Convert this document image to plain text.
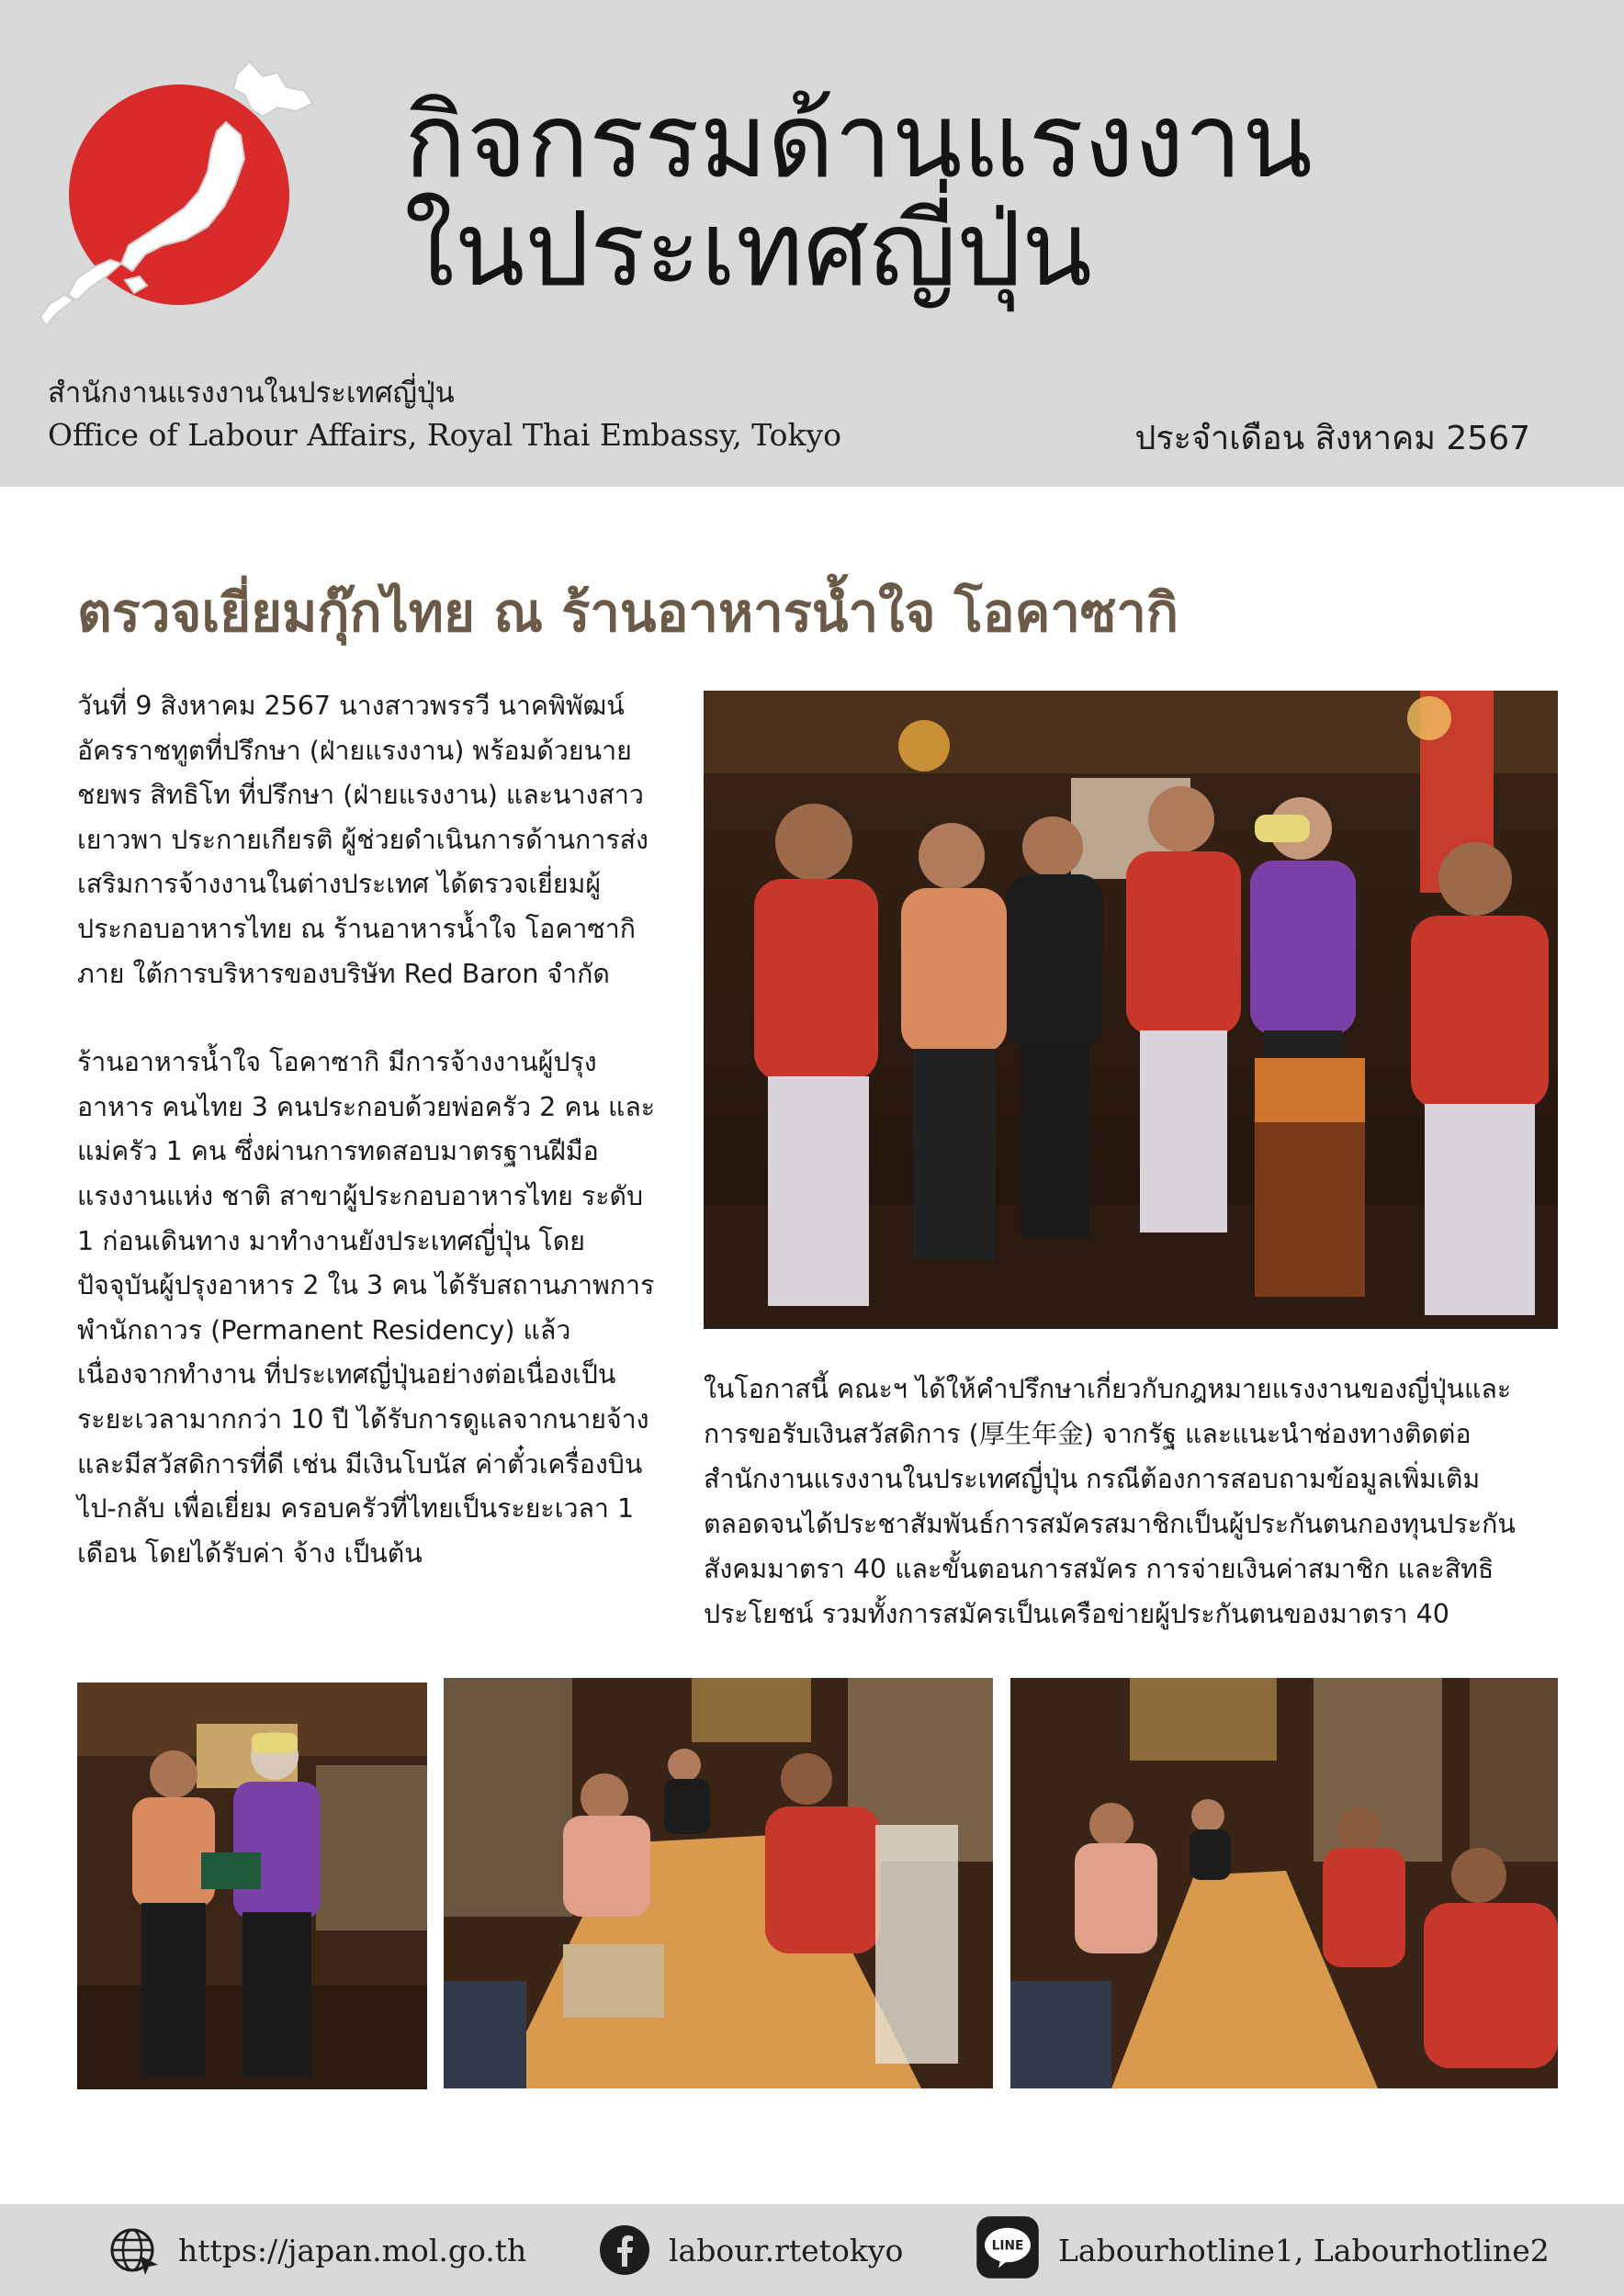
กิจกรรมด้านแรงงาน
ในประเทศญี่ปุ่น
สำนักงานแรงงานในประเทศญี่ปุ่น
Office of Labour Affairs, Royal Thai Embassy, Tokyo	ประจำเดือน สิงหาคม 2567
ตรวจเยี่ยมกุ๊กไทย ณ ร้านอาหารน้ำใจ โอคาซากิ

วันที่ 9 สิงหาคม 2567 นางสาวพรรวี นาคพิพัฒน์ อัครราชทูตที่ปรึกษา (ฝ่ายแรงงาน) พร้อมด้วยนาย ชยพร สิทธิโท ที่ปรึกษา (ฝ่ายแรงงาน) และนางสาว เยาวพา ประกายเกียรติ ผู้ช่วยดำเนินการด้านการส่ง เสริมการจ้างงานในต่างประเทศ ได้ตรวจเยี่ยมผู้ ประกอบอาหารไทย ณ ร้านอาหารน้ำใจ โอคาซากิ ภาย ใต้การบริหารของบริษัท Red Baron จำกัด

ร้านอาหารน้ำใจ โอคาซากิ มีการจ้างงานผู้ปรุงอาหาร คนไทย 3 คนประกอบด้วยพ่อครัว 2 คน และแม่ครัว 1 คน ซึ่งผ่านการทดสอบมาตรฐานฝีมือแรงงานแห่ง ชาติ สาขาผู้ประกอบอาหารไทย ระดับ 1 ก่อนเดินทาง มาทำงานยังประเทศญี่ปุ่น โดยปัจจุบันผู้ปรุงอาหาร 2 ใน 3 คน ได้รับสถานภาพการพำนักถาวร (Permanent Residency) แล้ว เนื่องจากทำงาน ที่ประเทศญี่ปุ่นอย่างต่อเนื่องเป็นระยะเวลามากกว่า 10 ปี ได้รับการดูแลจากนายจ้างและมีสวัสดิการที่ดี เช่น มีเงินโบนัส ค่าตั๋วเครื่องบินไป-กลับ เพื่อเยี่ยม ครอบครัวที่ไทยเป็นระยะเวลา 1 เดือน โดยได้รับค่า จ้าง เป็นต้น

ในโอกาสนี้ คณะฯ ได้ให้คำปรึกษาเกี่ยวกับกฎหมายแรงงานของญี่ปุ่นและการขอรับเงินสวัสดิการ (厚生年金) จากรัฐ และแนะนำช่องทางติดต่อสำนักงานแรงงานในประเทศญี่ปุ่น กรณีต้องการสอบถามข้อมูลเพิ่มเติม ตลอดจนได้ประชาสัมพันธ์การสมัครสมาชิกเป็นผู้ประกันตนกองทุนประกันสังคมมาตรา 40 และขั้นตอนการสมัคร การจ่ายเงินค่าสมาชิก และสิทธิประโยชน์ รวมทั้งการสมัครเป็นเครือข่ายผู้ประกันตนของมาตรา 40

https://japan.mol.go.th	labour.rtetokyo	LINE Labourhotline1, Labourhotline2
